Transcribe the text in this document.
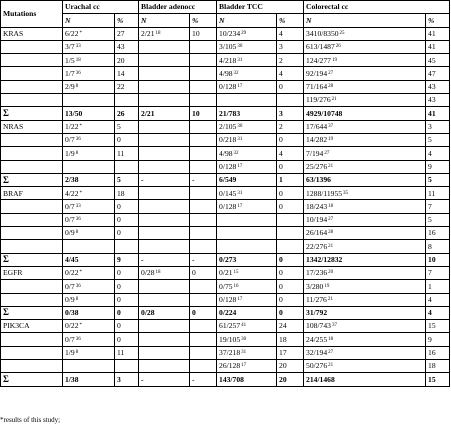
Mutations	Urachal cc		Bladder adenocc		Bladder TCC		Colorectal cc	
	N	%	N	%	N	%	N	%
KRAS	6/22*	27	2/21$^{18}$	10	10/234$^{29}$	4	3410/8350$^{25}$	41
	3/7$^{33}$	43			3/105$^{30}$	3	613/1487$^{26}$	41
	1/5$^{18}$	20			4/218$^{31}$	2	124/277$^{19}$	45
	1/7$^{36}$	14			4/98$^{32}$	4	92/194$^{27}$	47
	2/9$^8$	22			0/128$^{17}$	0	71/164$^{28}$	43
							119/276$^{21}$	43
Σ	13/50	26	2/21	10	21/783	3	4929/10748	41
NRAS	1/22*	5			2/105$^{30}$	2	17/644$^{37}$	3
	0/7$^{36}$	0			0/218$^{31}$	0	14/282$^{19}$	5
	1/9$^8$	11			4/98$^{32}$	4	7/194$^{27}$	4
					0/128$^{17}$	0	25/276$^{21}$	9
Σ	2/38	5	-	-	6/549	1	63/1396	5
BRAF	4/22*	18			0/145$^{31}$	0	1288/11955$^{35}$	11
	0/7$^{33}$	0			0/128$^{17}$	0	18/243$^{18}$	7
	0/7$^{36}$	0					10/194$^{27}$	5
	0/9$^8$	0					26/164$^{28}$	16
							22/276$^{21}$	8
Σ	4/45	9	-	-	0/273	0	1342/12832	10
EGFR	0/22*	0	0/28$^{18}$	0	0/21$^{15}$	0	17/236$^{20}$	7
	0/7$^{36}$	0			0/75$^{16}$	0	3/280$^{19}$	1
	0/9$^8$	0			0/128$^{17}$	0	11/276$^{21}$	4
Σ	0/38	0	0/28	0	0/224	0	31/792	4
PIK3CA	0/22*	0			61/257$^{41}$	24	108/743$^{37}$	15
	0/7$^{36}$	0			19/105$^{30}$	18	24/255$^{18}$	9
	1/9$^8$	11			37/218$^{31}$	17	32/194$^{27}$	16
					26/128$^{17}$	20	50/276$^{21}$	18
Σ	1/38	3	-	-	143/708	20	214/1468	15
*results of this study;
